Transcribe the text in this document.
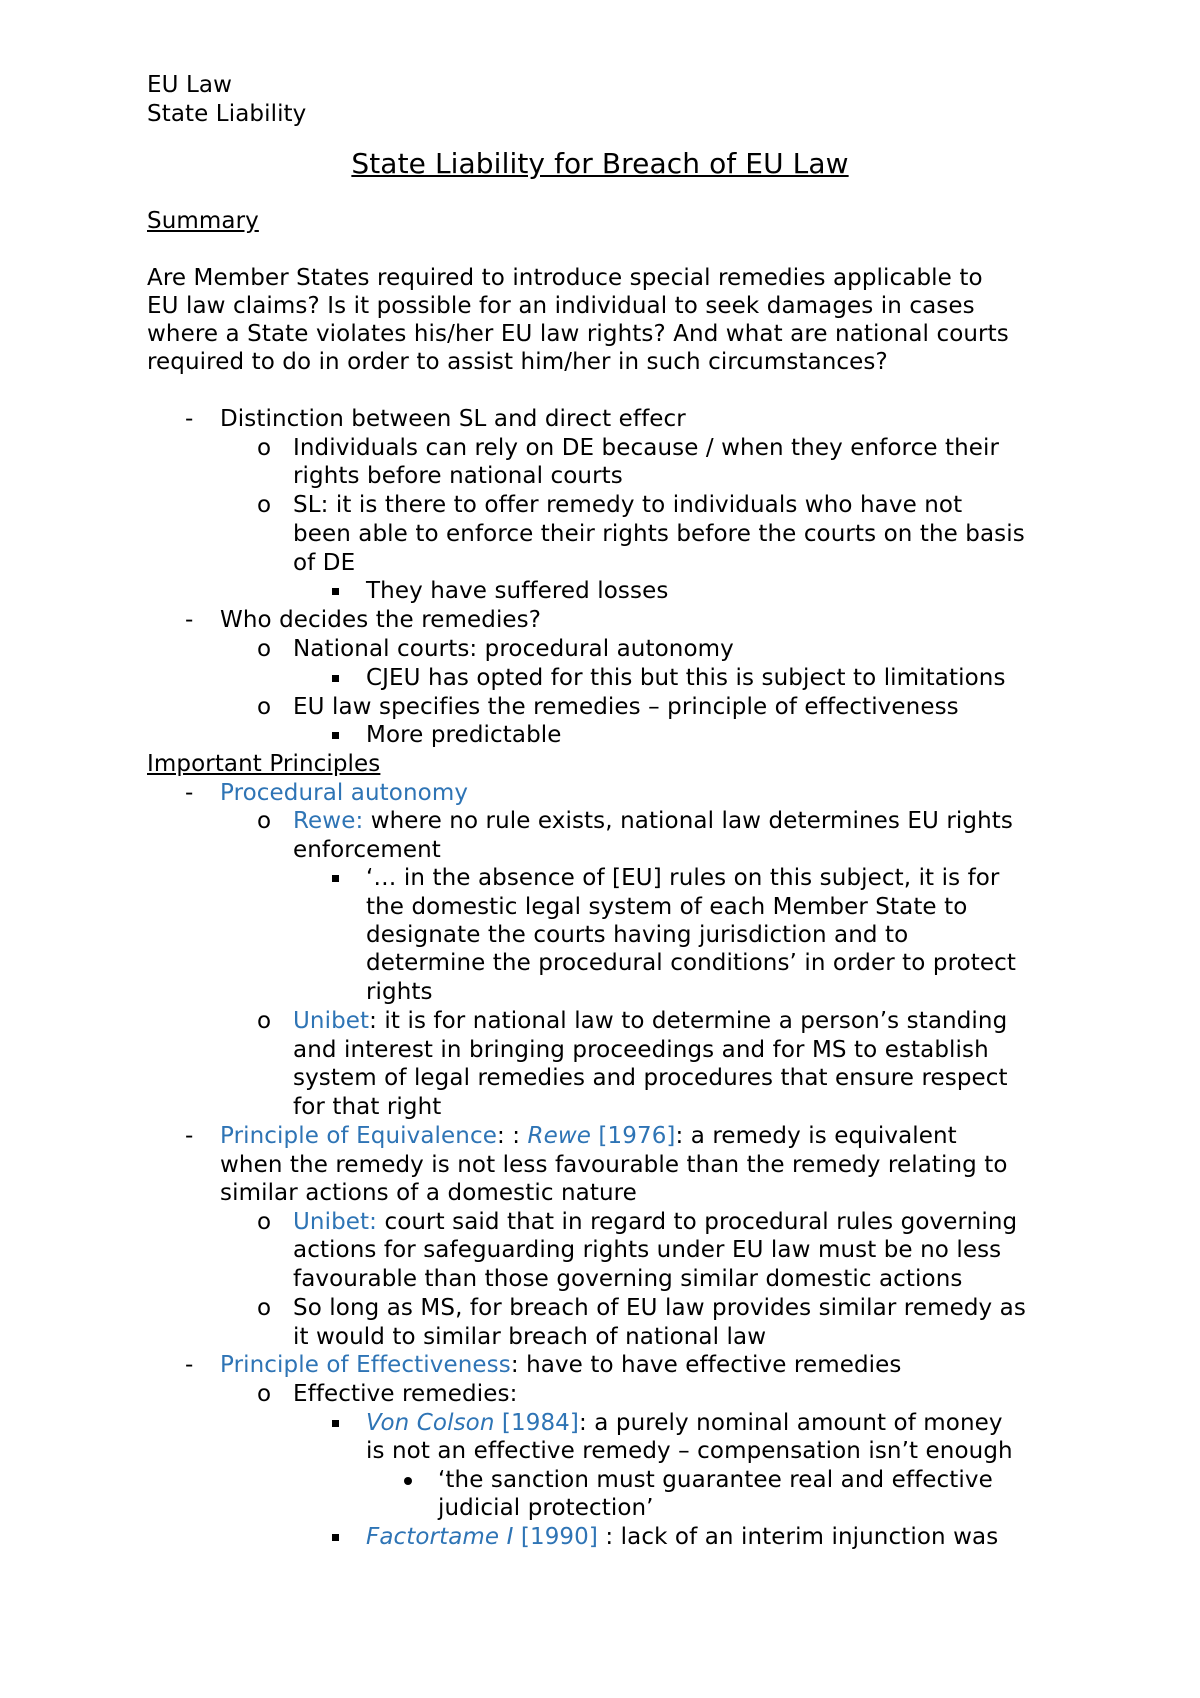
EU Law
State Liability
State Liability for Breach of EU Law
Summary
Are Member States required to introduce special remedies applicable to
EU law claims? Is it possible for an individual to seek damages in cases
where a State violates his/her EU law rights? And what are national courts
required to do in order to assist him/her in such circumstances?
- Distinction between SL and direct effecr
o Individuals can rely on DE because / when they enforce their
rights before national courts
o SL: it is there to offer remedy to individuals who have not
been able to enforce their rights before the courts on the basis
of DE
They have suffered losses
- Who decides the remedies?
o National courts: procedural autonomy
CJEU has opted for this but this is subject to limitations
o EU law specifies the remedies – principle of effectiveness
More predictable
Important Principles
- Procedural autonomy
o Rewe: where no rule exists, national law determines EU rights
enforcement
‘… in the absence of [EU] rules on this subject, it is for
the domestic legal system of each Member State to
designate the courts having jurisdiction and to
determine the procedural conditions’ in order to protect
rights
o Unibet: it is for national law to determine a person’s standing
and interest in bringing proceedings and for MS to establish
system of legal remedies and procedures that ensure respect
for that right
- Principle of Equivalence: : Rewe [1976]: a remedy is equivalent
when the remedy is not less favourable than the remedy relating to
similar actions of a domestic nature
o Unibet: court said that in regard to procedural rules governing
actions for safeguarding rights under EU law must be no less
favourable than those governing similar domestic actions
o So long as MS, for breach of EU law provides similar remedy as
it would to similar breach of national law
- Principle of Effectiveness: have to have effective remedies
o Effective remedies:
Von Colson [1984]: a purely nominal amount of money
is not an effective remedy – compensation isn’t enough
‘the sanction must guarantee real and effective
judicial protection’
Factortame I [1990] : lack of an interim injunction was
